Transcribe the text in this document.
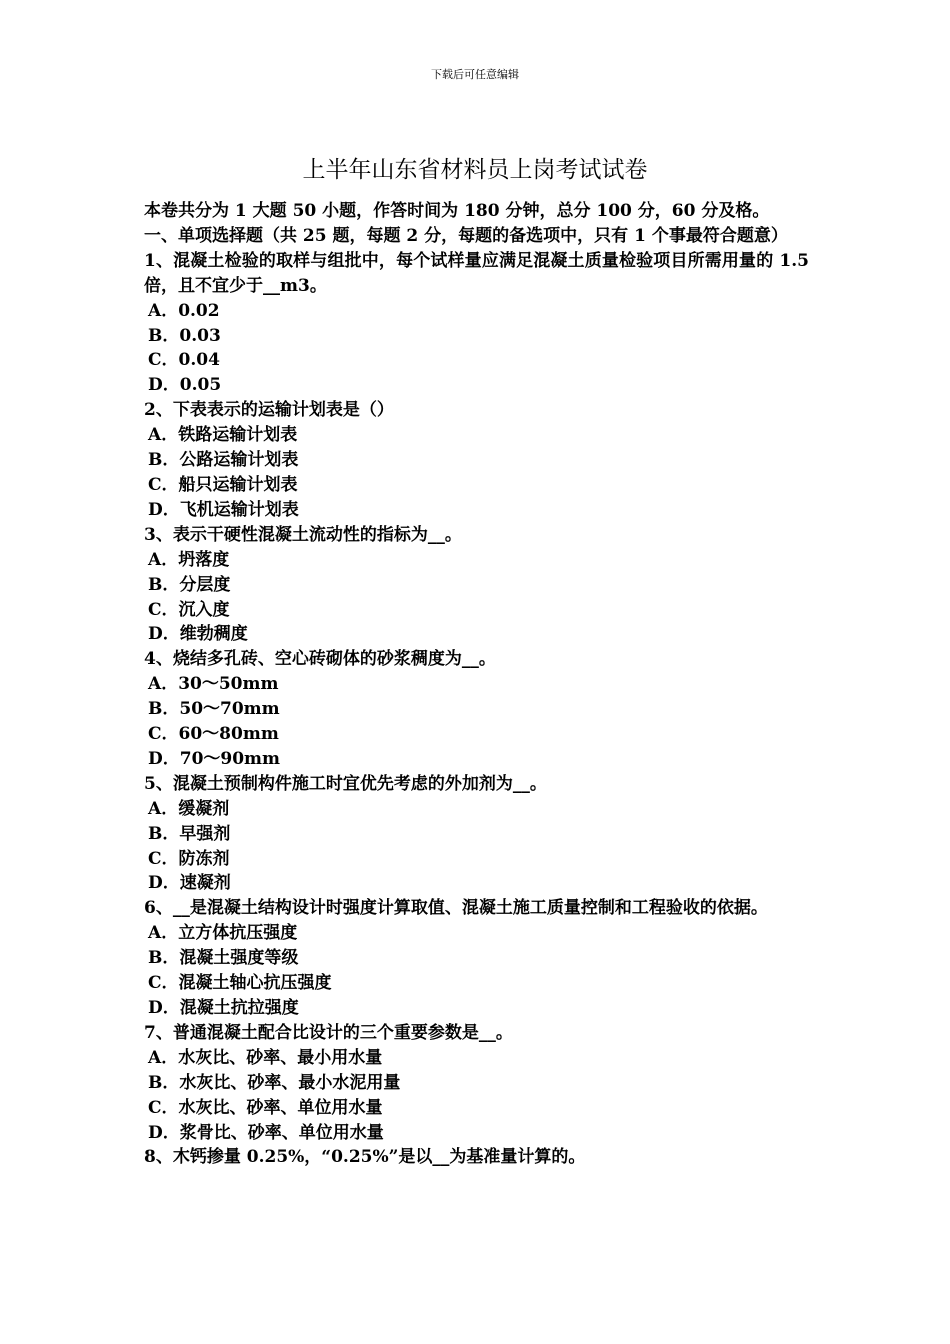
下载后可任意编辑
上半年山东省材料员上岗考试试卷
本卷共分为 1 大题 50 小题，作答时间为 180 分钟，总分 100 分，60 分及格。
一、单项选择题（共 25 题，每题 2 分，每题的备选项中，只有 1 个事最符合题意）
1、混凝土检验的取样与组批中，每个试样量应满足混凝土质量检验项目所需用量的 1.5 倍，且不宜少于__m3。
A．0.02
B．0.03
C．0.04
D．0.05
2、下表表示的运输计划表是（）
A．铁路运输计划表
B．公路运输计划表
C．船只运输计划表
D．飞机运输计划表
3、表示干硬性混凝土流动性的指标为__。
A．坍落度
B．分层度
C．沉入度
D．维勃稠度
4、烧结多孔砖、空心砖砌体的砂浆稠度为__。
A．30～50mm
B．50～70mm
C．60～80mm
D．70～90mm
5、混凝土预制构件施工时宜优先考虑的外加剂为__。
A．缓凝剂
B．早强剂
C．防冻剂
D．速凝剂
6、__是混凝土结构设计时强度计算取值、混凝土施工质量控制和工程验收的依据。
A．立方体抗压强度
B．混凝土强度等级
C．混凝土轴心抗压强度
D．混凝土抗拉强度
7、普通混凝土配合比设计的三个重要参数是__。
A．水灰比、砂率、最小用水量
B．水灰比、砂率、最小水泥用量
C．水灰比、砂率、单位用水量
D．浆骨比、砂率、单位用水量
8、木钙掺量 0.25%，“0.25%”是以__为基准量计算的。
